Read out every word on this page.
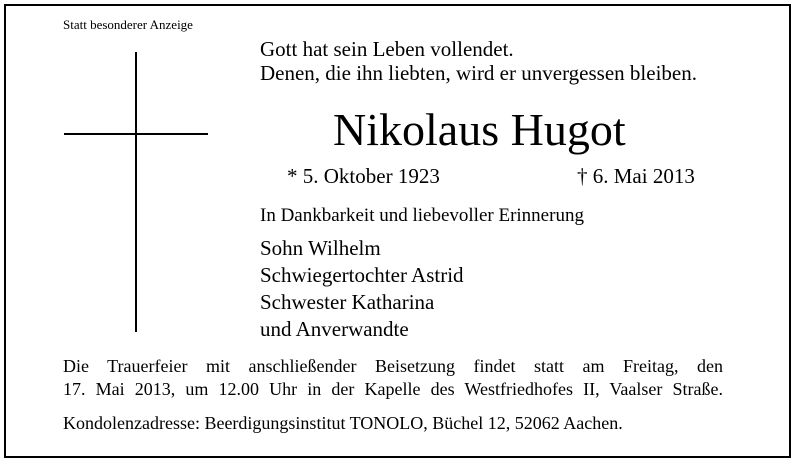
Statt besonderer Anzeige
Gott hat sein Leben vollendet.
Denen, die ihn liebten, wird er unvergessen bleiben.
Nikolaus Hugot
* 5. Oktober 1923	† 6. Mai 2013
In Dankbarkeit und liebevoller Erinnerung
Sohn Wilhelm
Schwiegertochter Astrid
Schwester Katharina
und Anverwandte
Die Trauerfeier mit anschließender Beisetzung findet statt am Freitag, den
17. Mai 2013, um 12.00 Uhr in der Kapelle des Westfriedhofes II, Vaalser Straße.
Kondolenzadresse: Beerdigungsinstitut TONOLO, Büchel 12, 52062 Aachen.
